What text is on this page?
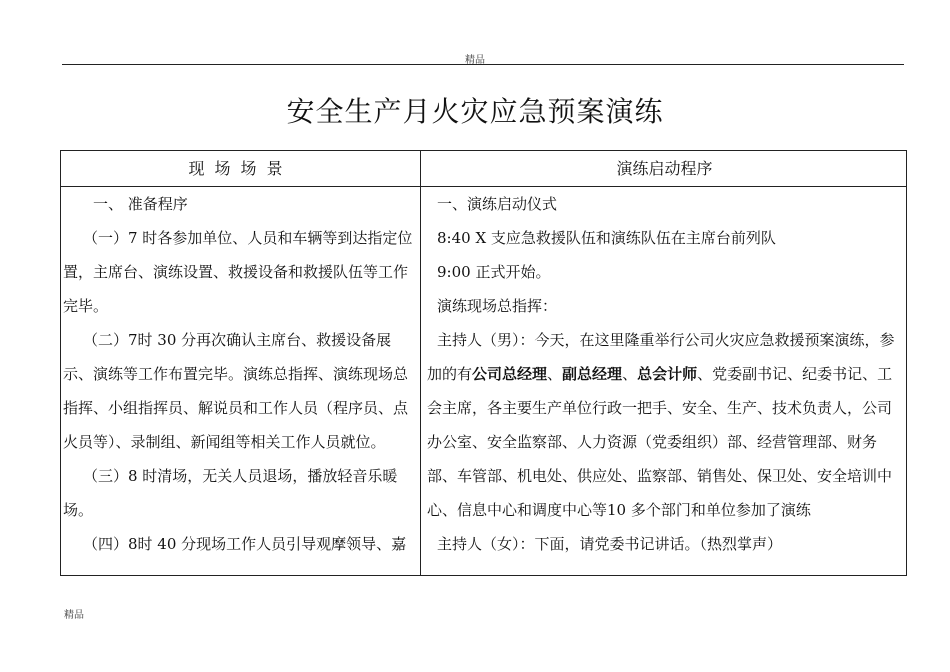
精品
安全生产月火灾应急预案演练
现场场景	演练启动程序

一、 准备程序

（一）7 时各参加单位、人员和车辆等到达指定位置，主席台、演练设置、救援设备和救援队伍等工作完毕。

（二）7时 30 分再次确认主席台、救援设备展示、演练等工作布置完毕。演练总指挥、演练现场总指挥、小组指挥员、解说员和工作人员（程序员、点火员等）、录制组、新闻组等相关工作人员就位。

（三）8 时清场，无关人员退场，播放轻音乐暖场。

（四）8时 40 分现场工作人员引导观摩领导、嘉

一、演练启动仪式

8:40 X 支应急救援队伍和演练队伍在主席台前列队

9:00 正式开始。

演练现场总指挥：

主持人（男）：今天，在这里隆重举行公司火灾应急救援预案演练，参加的有公司总经理、副总经理、总会计师、党委副书记、纪委书记、工会主席，各主要生产单位行政一把手、安全、生产、技术负责人，公司办公室、安全监察部、人力资源（党委组织）部、经营管理部、财务部、车管部、机电处、供应处、监察部、销售处、保卫处、安全培训中心、信息中心和调度中心等10 多个部门和单位参加了演练

主持人（女）：下面，请党委书记讲话。（热烈掌声）

精品
